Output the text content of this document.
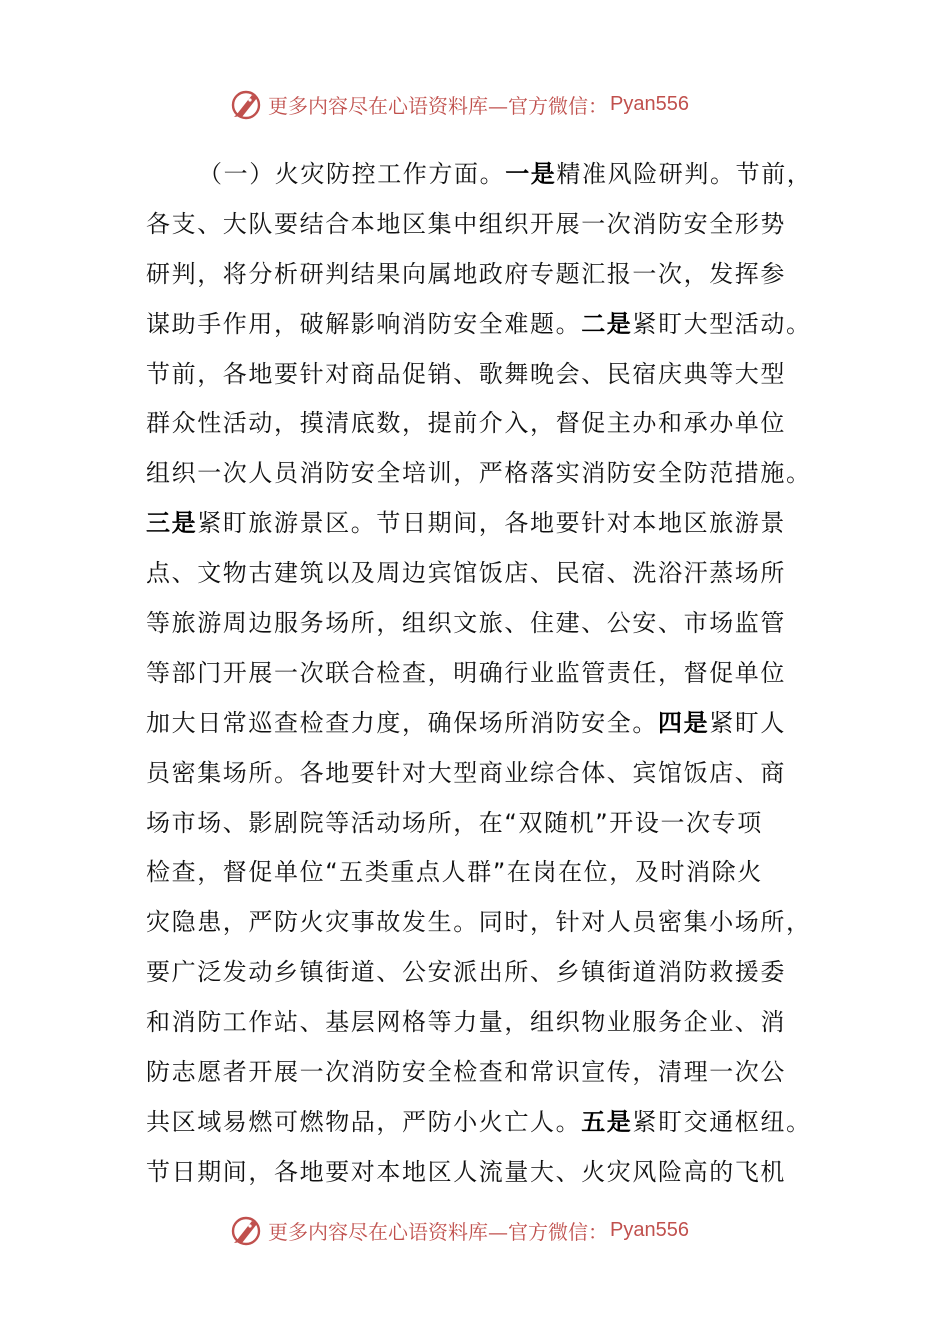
更多内容尽在心语资料库—官方微信： Pyan556
（一）火灾防控工作方面。一是精准风险研判。节前，
各支、大队要结合本地区集中组织开展一次消防安全形势
研判，将分析研判结果向属地政府专题汇报一次，发挥参
谋助手作用，破解影响消防安全难题。二是紧盯大型活动。
节前，各地要针对商品促销、歌舞晚会、民宿庆典等大型
群众性活动，摸清底数，提前介入，督促主办和承办单位
组织一次人员消防安全培训，严格落实消防安全防范措施。
三是紧盯旅游景区。节日期间，各地要针对本地区旅游景
点、文物古建筑以及周边宾馆饭店、民宿、洗浴汗蒸场所
等旅游周边服务场所，组织文旅、住建、公安、市场监管
等部门开展一次联合检查，明确行业监管责任，督促单位
加大日常巡查检查力度，确保场所消防安全。四是紧盯人
员密集场所。各地要针对大型商业综合体、宾馆饭店、商
场市场、影剧院等活动场所，在“双随机”开设一次专项
检查，督促单位“五类重点人群”在岗在位，及时消除火
灾隐患，严防火灾事故发生。同时，针对人员密集小场所，
要广泛发动乡镇街道、公安派出所、乡镇街道消防救援委
和消防工作站、基层网格等力量，组织物业服务企业、消
防志愿者开展一次消防安全检查和常识宣传，清理一次公
共区域易燃可燃物品，严防小火亡人。五是紧盯交通枢纽。
节日期间，各地要对本地区人流量大、火灾风险高的飞机
更多内容尽在心语资料库—官方微信： Pyan556
